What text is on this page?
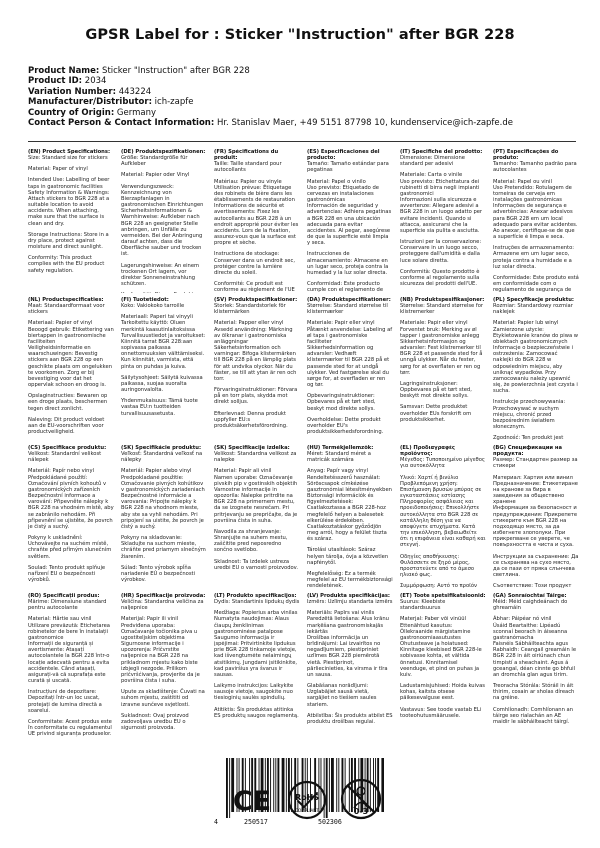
GPSR Label for : Sticker "Instruction" after BGR 228
Product Name: Sticker "Instruction" after BGR 228
Product ID: 2034
Variation Number: 443224
Manufacturer/Distributor: ich-zapfe
Country of Origin: Germany
Contact Person & Contact Information: Hr. Stanislav Maer, +49 5151 87798 10, kundenservice@ich-zapfe.de
(EN) Product Specifications:

Size: Standard size for stickers

Material: Paper of vinyl

Intended Use: Labelling of beer taps in gastronomic facilities

Safety Information & Warnings: Attach stickers to BGR 228 at a suitable location to avoid accidents. When attaching, make sure that the surface is clean and dry.

Storage Instructions: Store in a dry place, protect against moisture and direct sunlight.

Conformity: This product complies with the EU product safety regulation.

(DE) Produktspezifikationen:

Größe: Standardgröße für Aufkleber

Material: Papier oder Vinyl

Verwendungszweck: Kennzeichnung von Bierzapfanlagen in gastronomischen Einrichtungen

Sicherheitsinformationen & Warnhinweise: Aufkleber nach BGR 228 an geeigneter Stelle anbringen, um Unfälle zu vermeiden. Bei der Anbringung darauf achten, dass die Oberfläche sauber und trocken ist.

Lagerungshinweise: An einem trockenen Ort lagern, vor direkter Sonneneinstrahlung schützen.

(FR) Spécifications du produit:

Taille: Taille standard pour autocollants

Matériau: Papier ou vinyle

Utilisation prévue: Étiquetage des robinets de bière dans les établissements de restauration

Informations de sécurité et avertissements: Fixez les autocollants au BGR 228 à un endroit approprié pour éviter les accidents. Lors de la fixation, assurez-vous que la surface est propre et sèche.

Instructions de stockage: Conserver dans un endroit sec, protéger contre la lumière directe du soleil.

Conformité: Ce produit est conforme au règlement de l'UE

(ES) Especificaciones del producto:

Tamaño: Tamaño estándar para pegatinas

Material: Papel o vinilo

Uso previsto: Etiquetado de cervezas en instalaciones gastronómicas

Información de seguridad y advertencias: Adhiera pegatinas a BGR 228 en una ubicación adecuada para evitar accidentes. Al pegar, asegúrese de que la superficie esté limpia y seca.

Instrucciones de almacenamiento: Almacene en un lugar seco, proteja contra la humedad y la luz solar directa.

Conformidad: Este producto cumple con el reglamento de

(IT) Specifiche del prodotto:

Dimensione: Dimensione standard per adesivi

Materiale: Carta o vinile

Uso previsto: Etichettatura dei rubinetti di birra negli impianti gastronomici

Informazioni sulla sicurezza e avvertenze: Allegare adesivi a BGR 228 in un luogo adatto per evitare incidenti. Quando si attacca, assicurarsi che la superficie sia pulita e asciutta.

Istruzioni per la conservazione: Conservare in un luogo secco, proteggere dall'umidità e dalla luce solare diretta.

Conformità: Questo prodotto è conforme al regolamento sulla sicurezza dei prodotti dell'UE.

(PT) Especificações do produto:

Tamanho: Tamanho padrão para autocolantes

Material: Papel ou vinil

Uso Pretendido: Rotulagem de torneiras de cerveja em instalações gastronómicas

Informações de segurança e advertências: Anexar adesivos para BGR 228 em um local adequado para evitar acidentes. Ao anexar, certifique-se de que a superfície é limpa e seca.

Instruções de armazenamento: Armazene em um lugar seco, proteja contra a humidade e a luz solar directa.

Conformidade: Este produto está em conformidade com o regulamento de segurança de

(NL) Productspecificaties:

Maat: Standaardformaat voor stickers

Materiaal: Papier of vinyl

Beoogd gebruik: Etikettering van biertappen in gastronomische faciliteiten

Veiligheidsinformatie en waarschuwingen: Bevestig stickers aan BGR 228 op een geschikte plaats om ongelukken te voorkomen. Zorg er bij bevestiging voor dat het oppervlak schoon en droog is.

Opslaginstructies: Bewaren op een droge plaats, beschermen tegen direct zonlicht.

Naleving: Dit product voldoet aan de EU-voorschriften voor productveiligheid.

(FI) Tuotetiedot:

Koko: Vakiokoko tarroille

Materiaali: Paperi tai vinyyli

Tarkoitettu käyttö: Oluen merkintä kaasutinlaitoksissa

Turvallisuustiedot ja varoitukset: Kiinnitä tarrat BGR 228:aan sopivassa paikassa onnettomuuksien välttämiseksi. Kun kiinnität, varmista, että pinta on puhdas ja kuiva.

Säilytysohjeet: Säilytä kuivassa paikassa, suojaa suoralta auringonvalolta.

Yhdenmukaisuus: Tämä tuote vastaa EU:n tuotteiden turvallisuusasetusta.

(SV) Produktspecifikationer:

Storlek: Standardstorlek för klistermärken

Material: Papper eller vinyl

Avsedd användning: Märkning av ölkranar i gastronomiska anläggningar

Säkerhetsinformation och varningar: Bifoga klistermärken till BGR 228 på en lämplig plats för att undvika olyckor. När du fäster, se till att ytan är ren och torr.

Förvaringsinstruktioner: Förvara på en torr plats, skydda mot direkt solljus.

Efterlevnad: Denna produkt uppfyller EU:s produktsäkerhetsförordning.

(DA) Produktspecifikationer:

Størrelse: Standard størrelse til klistermærker

Materiale: Papir eller vinyl

Påtænkt anvendelse: Labeling af øl taps i gastronomiske faciliteter

Sikkerhedsinformation og advarsler: Vedhæft klistermærker til BGR 228 på et passende sted for at undgå ulykker. Ved fastgørelse skal du sørge for, at overfladen er ren og tør.

Opbevaringsinstruktioner: Opbevares på et tørt sted, beskyt mod direkte sollys.

Overholdelse: Dette produkt overholder EU's produktsikkerhedsforordning.

(NB) Produktspesifikasjoner:

Størrelse: Standard størrelse for klistremerker

Materiale: Papir eller vinyl

Forventet bruk: Merking av øl tapper i gastronomiske anlegg

Sikkerhetsinformasjon og advarsler: Fest klistremerker til BGR 228 et passende sted for å unngå ulykker. Når du fester, sørg for at overflaten er ren og tørr.

Lagringsinstruksjoner: Oppbevares på et tørt sted, beskytt mot direkte sollys.

Samsvar: Dette produktet overholder EUs forskrift om produktsikkerhet.

(PL) Specyfikacje produktu:

Rozmiar: Standardowy rozmiar naklejek

Materiał: Papier lub winyl

Zamierzone użycie: Etykietowanie kranów do piwa w obiektach gastronomicznych

Informacje o bezpieczeństwie i ostrzeżenia: Zamocować naklejki do BGR 228 w odpowiednim miejscu, aby uniknąć wypadków. Przy zamocowaniu należy upewnić się, że powierzchnia jest czysta i sucha.

Instrukcje przechowywania: Przechowywać w suchym miejscu, chronić przed bezpośrednim światłem słonecznym.

Zgodność: Ten produkt jest

(CS) Specifikace produktu:

Velikost: Standardní velikost nálepek

Materiál: Papír nebo vinyl

Předpokládané použití: Označování pivních kohoutů v gastronomických zařízeních

Bezpečnostní informace a varování: Připevněte nálepky k BGR 228 na vhodném místě, aby se zabránilo nehodám. Při připevnění se ujistěte, že povrch je čistý a suchý.

Pokyny k uskladnění: Uchovávejte na suchém místě, chraňte před přímým slunečním světlem.

Soulad: Tento produkt splňuje nařízení EU o bezpečnosti výrobků.

(SK) Špecifikácie produktu:

Veľkosť: Štandardná veľkosť na nálepky

Materiál: Papier alebo vinyl

Predpokladané použitie: Označovanie pivných kohútikov v gastronomických zariadeniach

Bezpečnostné informácie a varovania: Pripojte nálepky k BGR 228 na vhodnom mieste, aby ste sa vyhli nehodám. Pri pripojení sa uistite, že povrch je čistý a suchý.

Pokyny na skladovanie: Skladujte na suchom mieste, chráňte pred priamym slnečným žiarením.

Súlad: Tento výrobok spĺňa nariadenie EÚ o bezpečnosti výrobkov.

(SK) Specifikacije izdelka:

Velikost: Standardna velikost za nalepke

Material: Papir ali vinil

Namen uporabe: Označevanje pivskih pip v gostinskih objektih

Varnostne informacije in opozorila: Nalepke pritrdite na BGR 228 na primernem mestu, da se izognete nesrečam. Pri pritrjevanju se prepričajte, da je površina čista in suha.

Navodila za shranjevanje: Shranjujte na suhem mestu, zaščitite pred neposredno sončno svetlobo.

Skladnost: Ta izdelek ustreza uredbi EU o varnosti proizvodov.

(HU) Termékjellemzők:

Méret: Standard méret a matricák számára

Anyag: Papír vagy vinyl

Rendeltetésszerű használat: Söröscsapok címkézése gasztronómiai létesítményekben

Biztonsági információk és figyelmeztetések: Csatlakoztassa a BGR 228-hoz megfelelő helyen a balesetek elkerülése érdekében. Csatlakoztatáskor győződjön meg arról, hogy a felület tiszta és száraz.

Tárolási utasítások: Száraz helyen tárolja, óvja a közvetlen napfénytől.

Megfelelőség: Ez a termék megfelel az EU termékbiztonsági rendeletének.

(EL) Προδιαγραφές προϊόντος:

Μέγεθος: Τυποποιημένο μέγεθος για αυτοκόλλητα

Υλικό: Χαρτί ή βινύλιο

Προβλεπόμενη χρήση: Επισήμανση βρυσών μπύρας σε εγκαταστάσεις εστίασης

Πληροφορίες ασφάλειας και προειδοποιήσεις: Επικολλήστε αυτοκόλλητα στο BGR 228 σε κατάλληλη θέση για να αποφύγετε ατυχήματα. Κατά την επικόλληση, βεβαιωθείτε ότι η επιφάνεια είναι καθαρή και στεγνή.

Οδηγίες αποθήκευσης: Φυλάσσετε σε ξηρό μέρος, προστατεύετε από το άμεσο ηλιακό φως.

Συμμόρφωση: Αυτό το προϊόν

(BG) Спецификации на продукта:

Размер: Стандартен размер за стикери

Материал: Хартия или винил

Предназначение: Етикетиране на кранове за бира в заведения за обществено хранене

Информация за безопасност и предупреждения: Прикрепете стикерите към BGR 228 на подходящо място, за да избегнете злополуки. При прикрепване се уверете, че повърхността е чиста и суха.

Инструкции за съхранение: Да се съхранява на сухо място, да се пази от пряка слънчева светлина.

Съответствие: Този продукт

(RO) Specificații produs:

Mărime: Dimensiune standard pentru autocolante

Material: Hârtie sau vinil

Utilizare prevăzută: Etichetarea robinetelor de bere în instalații gastronomice

Informații de siguranță și avertismente: Atașați autocolantele la BGR 228 într-o locație adecvată pentru a evita accidentele. Când atașați, asigurați-vă că suprafața este curată și uscată.

Instrucțiuni de depozitare: Depozitați într-un loc uscat, protejați de lumina directă a soarelui.

Conformitate: Acest produs este în conformitate cu regulamentul UE privind siguranța produselor.

(HR) Specifikacije proizvoda:

Veličina: Standardna veličina za naljepnice

Materijal: Papir ili vinil

Predviđena uporaba: Označavanje točionika piva u ugostiteljskim objektima

Sigurnosne informacije i upozorenja: Pričvrstite naljepnice na BGR 228 na prikladnom mjestu kako biste izbjegli nezgode. Prilikom pričvršćivanja, provjerite da je površina čista i suha.

Upute za skladištenje: Čuvati na suhom mjestu, zaštititi od izravne sunčeve svjetlosti.

Sukladnost: Ovaj proizvod zadovoljava uredbu EU o sigurnosti proizvoda.

(LT) Produkto specifikacijos:

Dydis: Standartinis lipdukų dydis

Medžiaga: Popierius arba vinilas

Numatyta naudojimas: Alaus čiaupų ženklinimas gastronominėse patalpose

Saugumo informacija ir įspėjimai: Pritvirtinkite lipdukus prie BGR 228 tinkamoje vietoje, kad išvengtumėte nelaimingų atsitikimų. Jungdami įsitikinkite, kad paviršius yra švarus ir sausas.

Laikymo instrukcijos: Laikykite sausoje vietoje, saugokite nuo tiesioginių saulės spindulių.

Atitiktis: Šis produktas atitinka ES produktų saugos reglamentą.

(LV) Produkta specifikācijas:

Izmērs: Uzlīmju standarta izmērs

Materiāls: Papīrs vai vinils

Paredzētā lietošana: Alus krānu marķēšana gastronomiskajās iekārtās

Drošības informācija un brīdinājumi: Lai izvairītos no negadījumiem, piestipriniet uzlīmes BGR 228 piemērotā vietā. Piestiprinot, pārliecinieties, ka virsma ir tīra un sausa.

Glabāšanas norādījumi: Uzglabājiet sausā vietā, sargājiet no tiešiem saules stariem.

Atbilstība: Šis produkts atbilst ES produktu drošības regulai.

(ET) Toote spetsifikatsioonid:

Suurus: Kleebiste standardsuurus

Materjal: Paber või vinüül

Ettenähtud kasutus: Õllekraanide märgistamine gastronoomiaasutustes

Ohutusteave ja hoiatused: Kinnitage kleebised BGR 228-le sobivasse kohta, et vältida õnnetusi. Kinnitamisel veenduge, et pind on puhas ja kuiv.

Ladustamisjuhised: Hoida kuivas kohas, kaitsta otsese päikesevalguse eest.

Vastavus: See toode vastab ELi tooteohutusmäärusele.

(GA) Sonraíochtaí Táirge:

Méid: Méid caighdeánach do ghreamáin

Ábhar: Páipéar nó vinil

Úsáid Beartaithe: Lipéadú sconnaí beorach in áiseanna gastranómacha

Faisnéis Sábháilteachta agus Rabhaidh: Ceangail greamáin le BGR 228 in áit oiriúnach chun timpistí a sheachaint. Agus á gceangal, déan cinnte go bhfuil an dromchla glan agus tirim.

Treoracha Stórála: Stóráil in áit thirim, cosain ar sholas díreach na gréine.

Comhlíonadh: Comhlíonann an táirge seo rialachán an AE maidir le sábháilteacht táirgí.

4	250517	502306
CE	RoHS
COMPLIANT	0-3
